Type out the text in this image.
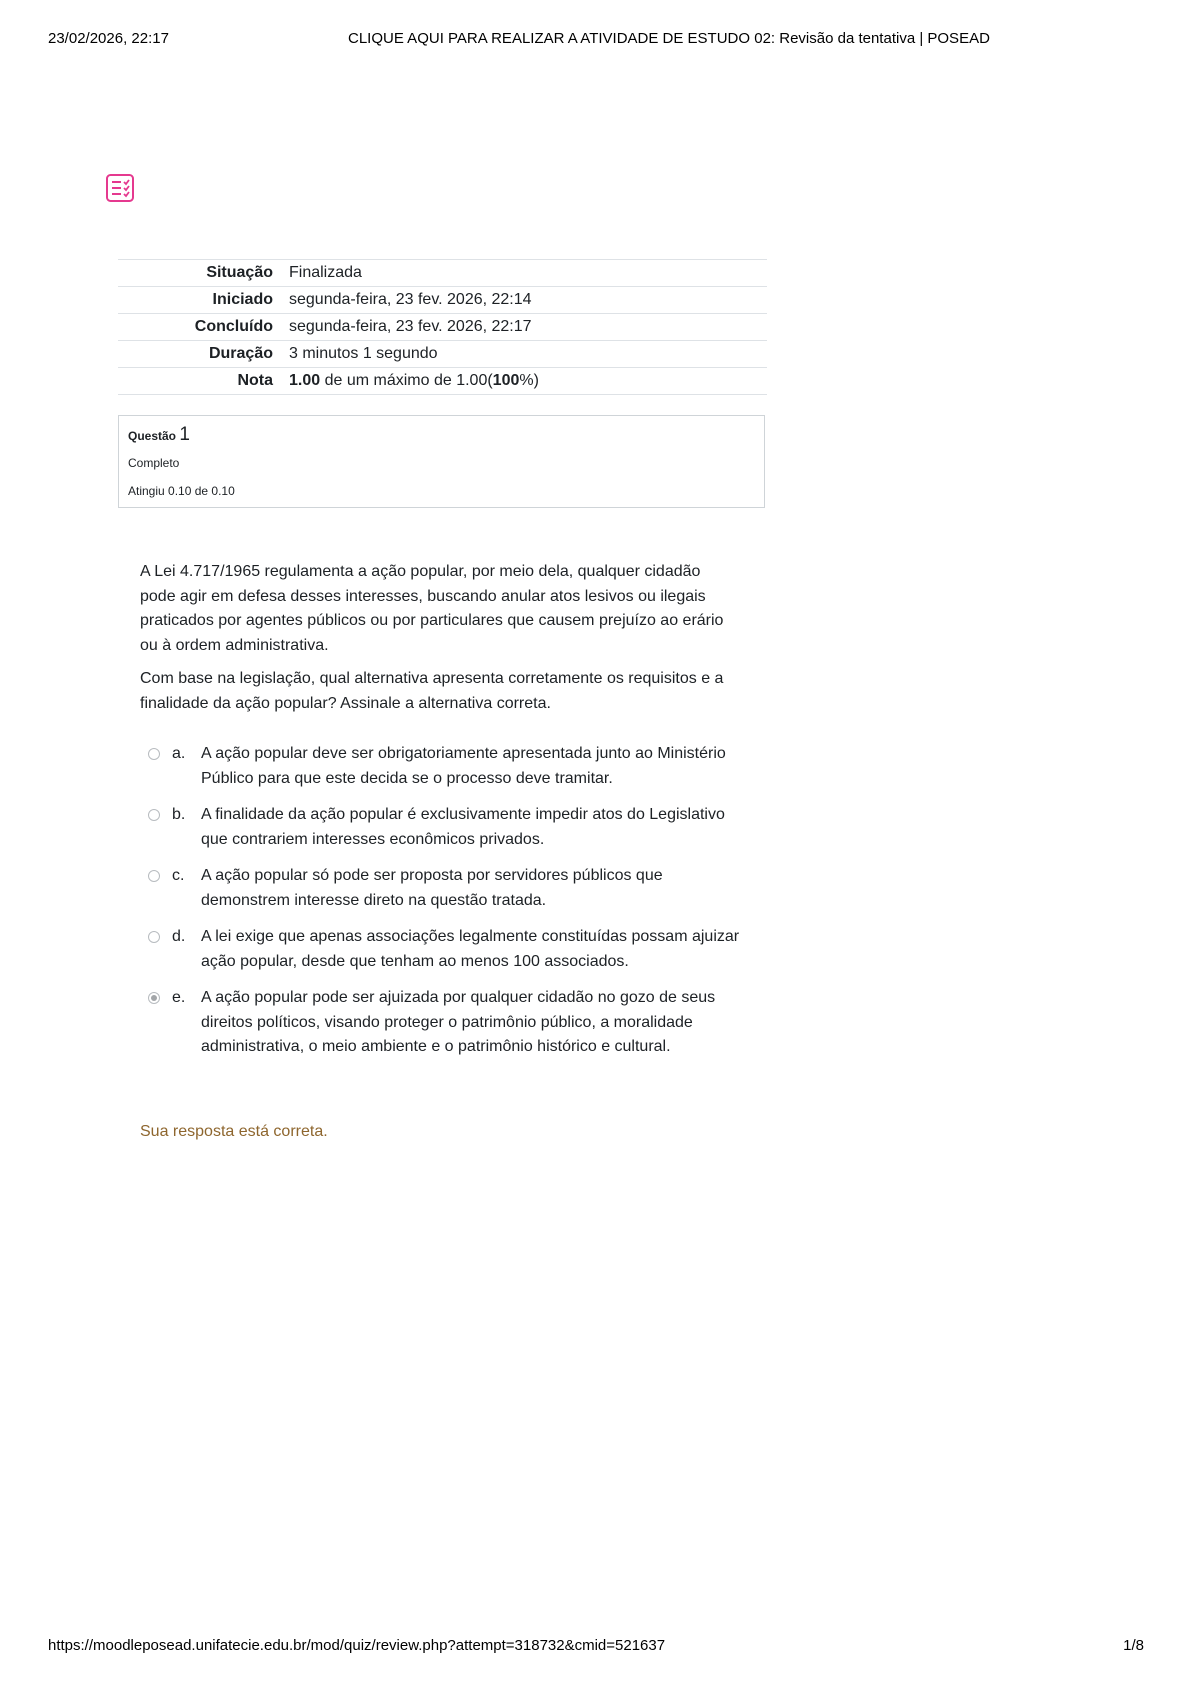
23/02/2026, 22:17	CLIQUE AQUI PARA REALIZAR A ATIVIDADE DE ESTUDO 02: Revisão da tentativa | POSEAD
Situação	Finalizada
Iniciado	segunda-feira, 23 fev. 2026, 22:14
Concluído	segunda-feira, 23 fev. 2026, 22:17
Duração	3 minutos 1 segundo
Nota	1.00 de um máximo de 1.00(100%)
Questão 1
Completo
Atingiu 0.10 de 0.10

A Lei 4.717/1965 regulamenta a ação popular, por meio dela, qualquer cidadão pode agir em defesa desses interesses, buscando anular atos lesivos ou ilegais praticados por agentes públicos ou por particulares que causem prejuízo ao erário ou à ordem administrativa.

Com base na legislação, qual alternativa apresenta corretamente os requisitos e a finalidade da ação popular? Assinale a alternativa correta.

a. A ação popular deve ser obrigatoriamente apresentada junto ao Ministério Público para que este decida se o processo deve tramitar.
b. A finalidade da ação popular é exclusivamente impedir atos do Legislativo que contrariem interesses econômicos privados.
c. A ação popular só pode ser proposta por servidores públicos que demonstrem interesse direto na questão tratada.
d. A lei exige que apenas associações legalmente constituídas possam ajuizar ação popular, desde que tenham ao menos 100 associados.
e. A ação popular pode ser ajuizada por qualquer cidadão no gozo de seus direitos políticos, visando proteger o patrimônio público, a moralidade administrativa, o meio ambiente e o patrimônio histórico e cultural.
Sua resposta está correta.
https://moodleposead.unifatecie.edu.br/mod/quiz/review.php?attempt=318732&cmid=521637	1/8
